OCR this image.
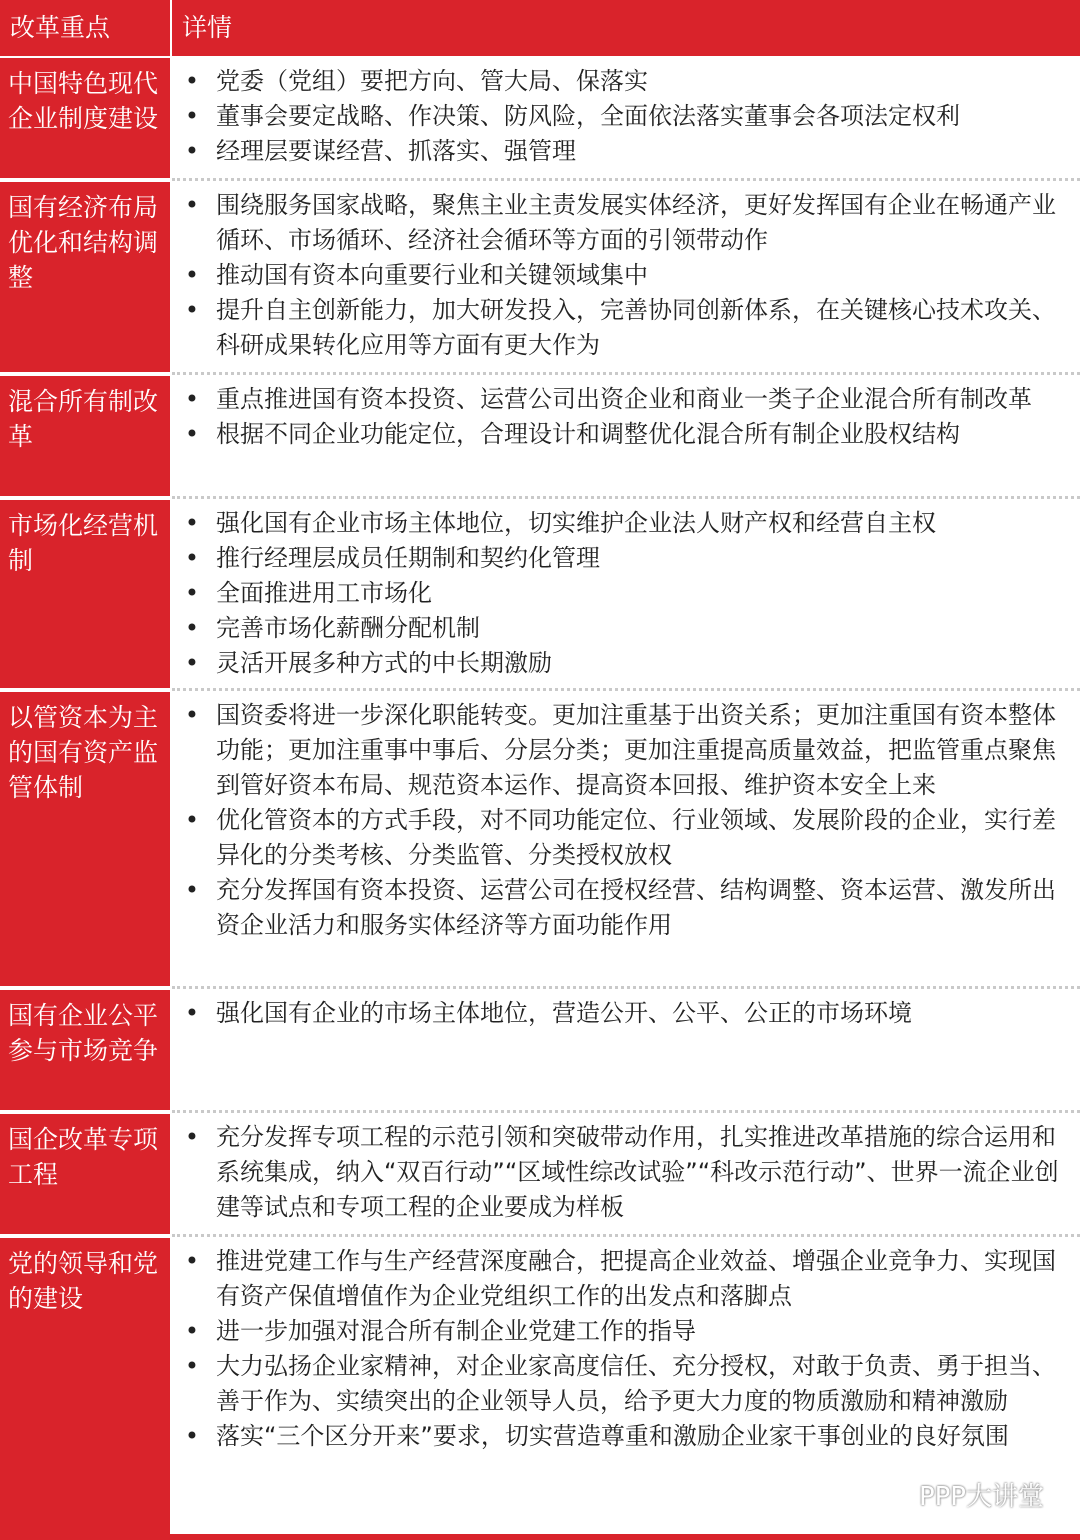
改革重点	详情
中国特色现代企业制度建设
• 党委（党组）要把方向、管大局、保落实
• 董事会要定战略、作决策、防风险，全面依法落实董事会各项法定权利
• 经理层要谋经营、抓落实、强管理
国有经济布局优化和结构调整
• 围绕服务国家战略，聚焦主业主责发展实体经济，更好发挥国有企业在畅通产业循环、市场循环、经济社会循环等方面的引领带动作
• 推动国有资本向重要行业和关键领域集中
• 提升自主创新能力，加大研发投入，完善协同创新体系，在关键核心技术攻关、科研成果转化应用等方面有更大作为
混合所有制改革
• 重点推进国有资本投资、运营公司出资企业和商业一类子企业混合所有制改革
• 根据不同企业功能定位，合理设计和调整优化混合所有制企业股权结构
市场化经营机制
• 强化国有企业市场主体地位，切实维护企业法人财产权和经营自主权
• 推行经理层成员任期制和契约化管理
• 全面推进用工市场化
• 完善市场化薪酬分配机制
• 灵活开展多种方式的中长期激励
以管资本为主的国有资产监管体制
• 国资委将进一步深化职能转变。更加注重基于出资关系；更加注重国有资本整体功能；更加注重事中事后、分层分类；更加注重提高质量效益，把监管重点聚焦到管好资本布局、规范资本运作、提高资本回报、维护资本安全上来
• 优化管资本的方式手段，对不同功能定位、行业领域、发展阶段的企业，实行差异化的分类考核、分类监管、分类授权放权
• 充分发挥国有资本投资、运营公司在授权经营、结构调整、资本运营、激发所出资企业活力和服务实体经济等方面功能作用
国有企业公平参与市场竞争
• 强化国有企业的市场主体地位，营造公开、公平、公正的市场环境
国企改革专项工程
• 充分发挥专项工程的示范引领和突破带动作用，扎实推进改革措施的综合运用和系统集成，纳入“双百行动”“区域性综改试验”“科改示范行动”、世界一流企业创建等试点和专项工程的企业要成为样板
党的领导和党的建设
• 推进党建工作与生产经营深度融合，把提高企业效益、增强企业竞争力、实现国有资产保值增值作为企业党组织工作的出发点和落脚点
• 进一步加强对混合所有制企业党建工作的指导
• 大力弘扬企业家精神，对企业家高度信任、充分授权，对敢于负责、勇于担当、善于作为、实绩突出的企业领导人员，给予更大力度的物质激励和精神激励
• 落实“三个区分开来”要求，切实营造尊重和激励企业家干事创业的良好氛围
PPP大讲堂
